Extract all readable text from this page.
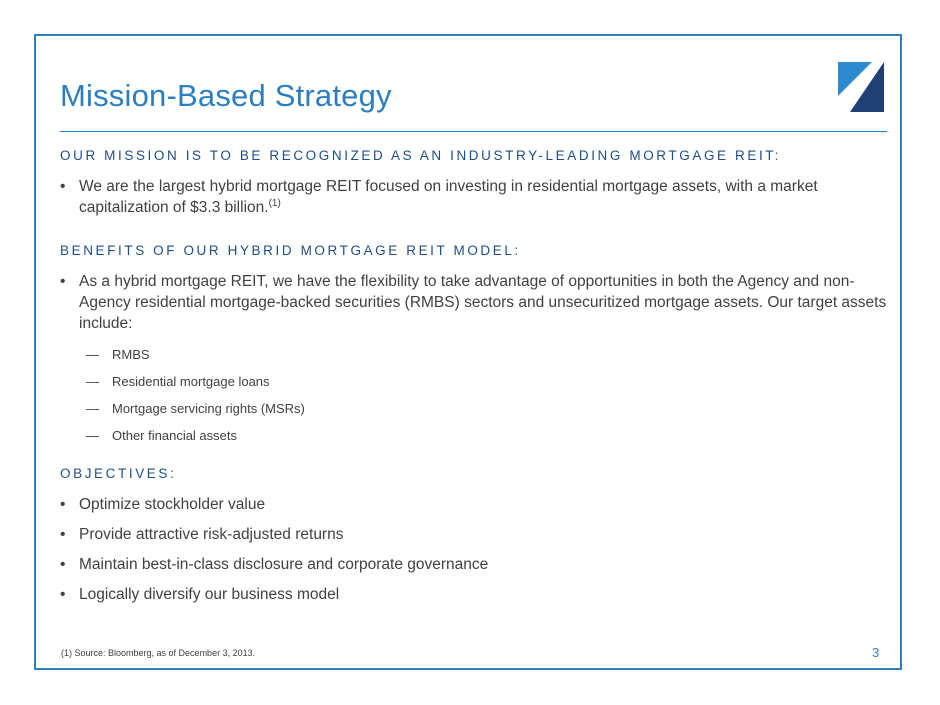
Mission-Based Strategy
OUR MISSION IS TO BE RECOGNIZED AS AN INDUSTRY-LEADING MORTGAGE REIT:
• We are the largest hybrid mortgage REIT focused on investing in residential mortgage assets, with a market capitalization of $3.3 billion.$^{(1)}$
BENEFITS OF OUR HYBRID MORTGAGE REIT MODEL:
• As a hybrid mortgage REIT, we have the flexibility to take advantage of opportunities in both the Agency and non-Agency residential mortgage-backed securities (RMBS) sectors and unsecuritized mortgage assets. Our target assets include:
— RMBS
— Residential mortgage loans
— Mortgage servicing rights (MSRs)
— Other financial assets
OBJECTIVES:
• Optimize stockholder value
• Provide attractive risk-adjusted returns
• Maintain best-in-class disclosure and corporate governance
• Logically diversify our business model
(1) Source: Bloomberg, as of December 3, 2013.	3
